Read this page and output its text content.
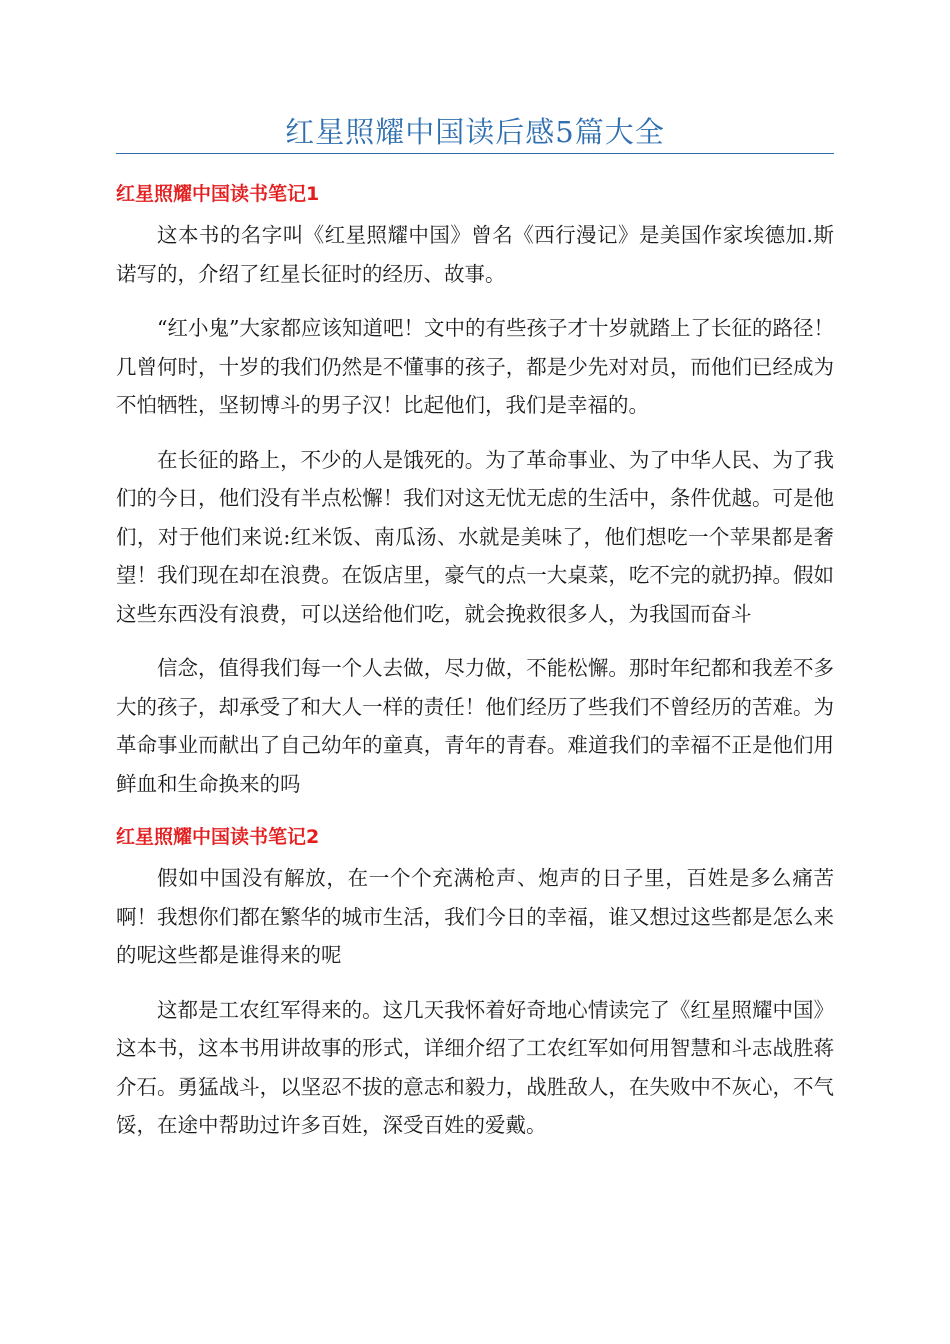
红星照耀中国读后感5篇大全
红星照耀中国读书笔记1

这本书的名字叫《红星照耀中国》曾名《西行漫记》是美国作家埃德加.斯诺写的，介绍了红星长征时的经历、故事。

“红小鬼”大家都应该知道吧！文中的有些孩子才十岁就踏上了长征的路径！几曾何时，十岁的我们仍然是不懂事的孩子，都是少先对对员，而他们已经成为不怕牺牲，坚韧博斗的男子汉！比起他们，我们是幸福的。

在长征的路上，不少的人是饿死的。为了革命事业、为了中华人民、为了我们的今日，他们没有半点松懈！我们对这无忧无虑的生活中，条件优越。可是他们，对于他们来说:红米饭、南瓜汤、水就是美味了，他们想吃一个苹果都是奢望！我们现在却在浪费。在饭店里，豪气的点一大桌菜，吃不完的就扔掉。假如这些东西没有浪费，可以送给他们吃，就会挽救很多人，为我国而奋斗

信念，值得我们每一个人去做，尽力做，不能松懈。那时年纪都和我差不多大的孩子，却承受了和大人一样的责任！他们经历了些我们不曾经历的苦难。为革命事业而献出了自己幼年的童真，青年的青春。难道我们的幸福不正是他们用鲜血和生命换来的吗

红星照耀中国读书笔记2

假如中国没有解放，在一个个充满枪声、炮声的日子里，百姓是多么痛苦啊！我想你们都在繁华的城市生活，我们今日的幸福，谁又想过这些都是怎么来的呢这些都是谁得来的呢

这都是工农红军得来的。这几天我怀着好奇地心情读完了《红星照耀中国》这本书，这本书用讲故事的形式，详细介绍了工农红军如何用智慧和斗志战胜蒋介石。勇猛战斗，以坚忍不拔的意志和毅力，战胜敌人，在失败中不灰心，不气馁，在途中帮助过许多百姓，深受百姓的爱戴。
